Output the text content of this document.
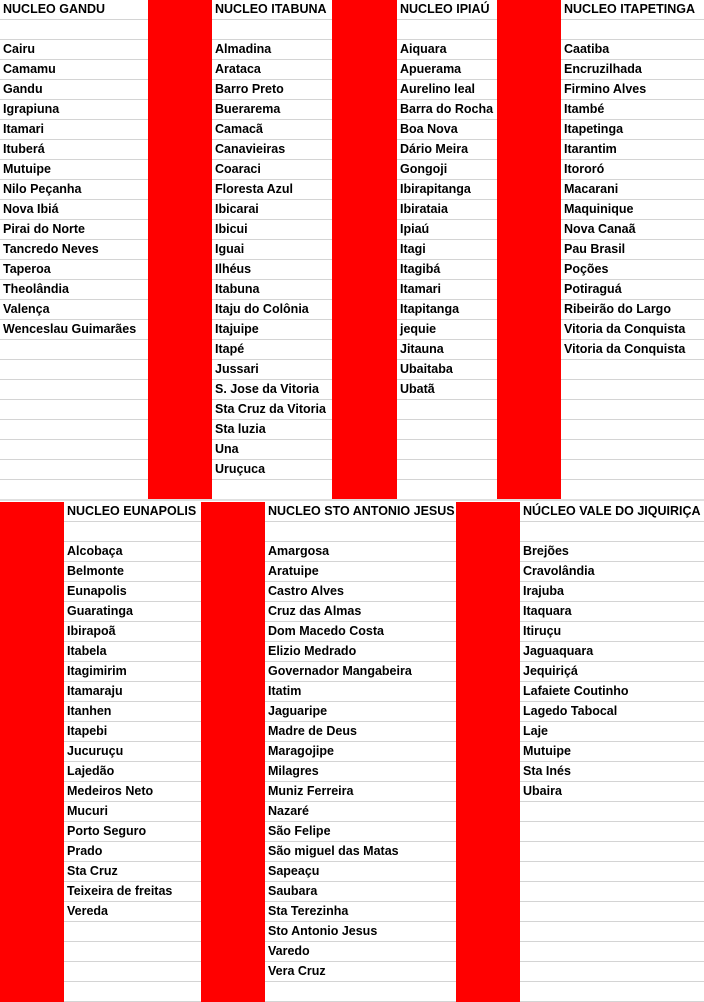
NUCLEO GANDU
Cairu
Camamu
Gandu
Igrapiuna
Itamari
Ituberá
Mutuipe
Nilo Peçanha
Nova Ibiá
Pirai do Norte
Tancredo Neves
Taperoa
Theolândia
Valença
Wenceslau Guimarães
NUCLEO ITABUNA
Almadina
Arataca
Barro Preto
Buerarema
Camacã
Canavieiras
Coaraci
Floresta Azul
Ibicarai
Ibicui
Iguai
Ilhéus
Itabuna
Itaju do Colônia
Itajuipe
Itapé
Jussari
S. Jose da Vitoria
Sta Cruz da Vitoria
Sta luzia
Una
Uruçuca
NUCLEO IPIAÚ
Aiquara
Apuerama
Aurelino leal
Barra do Rocha
Boa Nova
Dário Meira
Gongoji
Ibirapitanga
Ibirataia
Ipiaú
Itagi
Itagibá
Itamari
Itapitanga
jequie
Jitauna
Ubaitaba
Ubatã
NUCLEO ITAPETINGA
Caatiba
Encruzilhada
Firmino Alves
Itambé
Itapetinga
Itarantim
Itororó
Macarani
Maquinique
Nova Canaã
Pau Brasil
Poções
Potiraguá
Ribeirão do Largo
Vitoria da Conquista
Vitoria da Conquista
NUCLEO EUNAPOLIS
Alcobaça
Belmonte
Eunapolis
Guaratinga
Ibirapoã
Itabela
Itagimirim
Itamaraju
Itanhen
Itapebi
Jucuruçu
Lajedão
Medeiros Neto
Mucuri
Porto Seguro
Prado
Sta Cruz
Teixeira de freitas
Vereda
NUCLEO STO ANTONIO JESUS
Amargosa
Aratuipe
Castro Alves
Cruz das Almas
Dom Macedo Costa
Elizio Medrado
Governador Mangabeira
Itatim
Jaguaripe
Madre de Deus
Maragojipe
Milagres
Muniz Ferreira
Nazaré
São Felipe
São miguel das Matas
Sapeaçu
Saubara
Sta Terezinha
Sto Antonio Jesus
Varedo
Vera Cruz
NÚCLEO VALE DO JIQUIRIÇA
Brejões
Cravolândia
Irajuba
Itaquara
Itiruçu
Jaguaquara
Jequiriçá
Lafaiete Coutinho
Lagedo Tabocal
Laje
Mutuipe
Sta Inés
Ubaira
